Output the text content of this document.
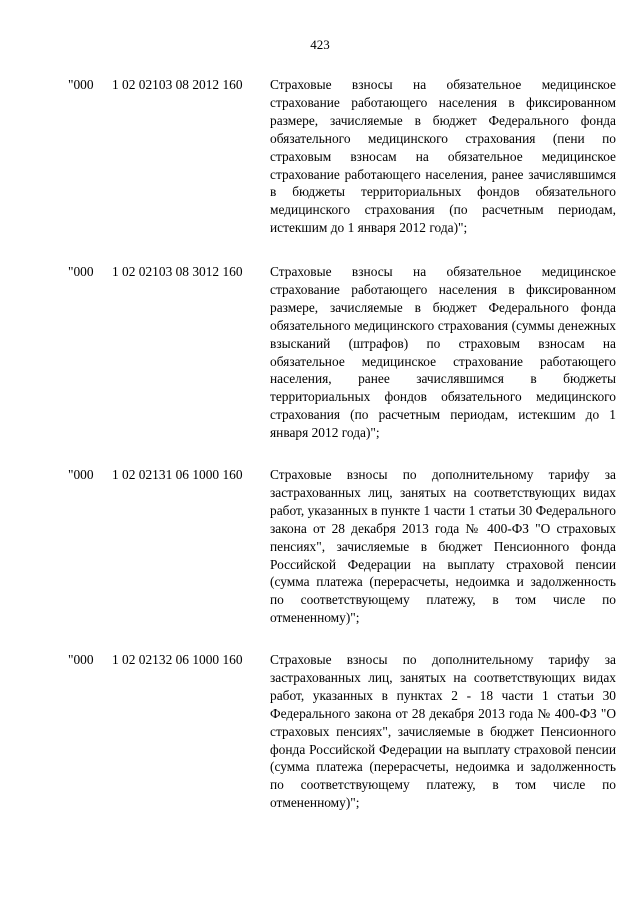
423
"000 1 02 02103 08 2012 160	Страховые взносы на обязательное медицинское страхование работающего населения в фиксированном размере, зачисляемые в бюджет Федерального фонда обязательного медицинского страхования (пени по страховым взносам на обязательное медицинское страхование работающего населения, ранее зачислявшимся в бюджеты территориальных фондов обязательного медицинского страхования (по расчетным периодам, истекшим до 1 января 2012 года)";
"000 1 02 02103 08 3012 160	Страховые взносы на обязательное медицинское страхование работающего населения в фиксированном размере, зачисляемые в бюджет Федерального фонда обязательного медицинского страхования (суммы денежных взысканий (штрафов) по страховым взносам на обязательное медицинское страхование работающего населения, ранее зачислявшимся в бюджеты территориальных фондов обязательного медицинского страхования (по расчетным периодам, истекшим до 1 января 2012 года)";
"000 1 02 02131 06 1000 160	Страховые взносы по дополнительному тарифу за застрахованных лиц, занятых на соответствующих видах работ, указанных в пункте 1 части 1 статьи 30 Федерального закона от 28 декабря 2013 года № 400-ФЗ "О страховых пенсиях", зачисляемые в бюджет Пенсионного фонда Российской Федерации на выплату страховой пенсии (сумма платежа (перерасчеты, недоимка и задолженность по соответствующему платежу, в том числе по отмененному)";
"000 1 02 02132 06 1000 160	Страховые взносы по дополнительному тарифу за застрахованных лиц, занятых на соответствующих видах работ, указанных в пунктах 2 - 18 части 1 статьи 30 Федерального закона от 28 декабря 2013 года № 400-ФЗ "О страховых пенсиях", зачисляемые в бюджет Пенсионного фонда Российской Федерации на выплату страховой пенсии (сумма платежа (перерасчеты, недоимка и задолженность по соответствующему платежу, в том числе по отмененному)";
